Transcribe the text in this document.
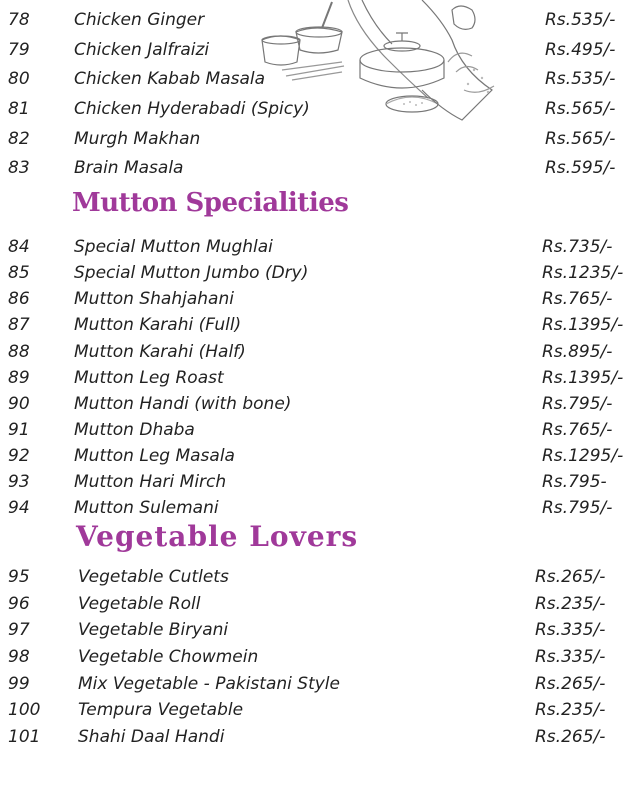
78	Chicken Ginger	Rs.535/-
79	Chicken Jalfraizi	Rs.495/-
80	Chicken Kabab Masala	Rs.535/-
81	Chicken Hyderabadi (Spicy)	Rs.565/-
82	Murgh Makhan	Rs.565/-
83	Brain Masala	Rs.595/-
Mutton Specialities
84	Special Mutton Mughlai	Rs.735/-
85	Special Mutton Jumbo (Dry)	Rs.1235/-
86	Mutton Shahjahani	Rs.765/-
87	Mutton Karahi (Full)	Rs.1395/-
88	Mutton Karahi (Half)	Rs.895/-
89	Mutton Leg Roast	Rs.1395/-
90	Mutton Handi (with bone)	Rs.795/-
91	Mutton Dhaba	Rs.765/-
92	Mutton Leg Masala	Rs.1295/-
93	Mutton Hari Mirch	Rs.795-
94	Mutton Sulemani	Rs.795/-
Vegetable Lovers
95	Vegetable Cutlets	Rs.265/-
96	Vegetable Roll	Rs.235/-
97	Vegetable Biryani	Rs.335/-
98	Vegetable Chowmein	Rs.335/-
99	Mix Vegetable - Pakistani Style	Rs.265/-
100 Tempura Vegetable	Rs.235/-
101 Shahi Daal Handi	Rs.265/-
